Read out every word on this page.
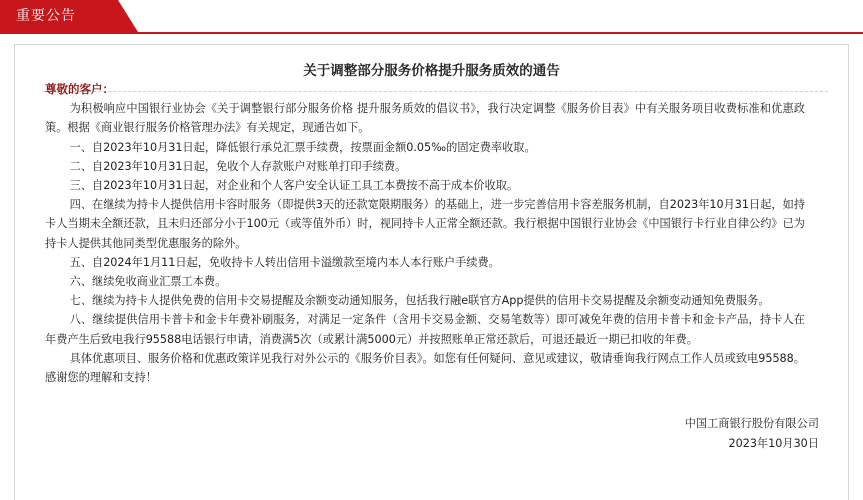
重要公告
关于调整部分服务价格提升服务质效的通告

尊敬的客户：

为积极响应中国银行业协会《关于调整银行部分服务价格 提升服务质效的倡议书》，我行决定调整《服务价目表》中有关服务项目收费标准和优惠政策。根据《商业银行服务价格管理办法》有关规定，现通告如下。

一、自2023年10月31日起，降低银行承兑汇票手续费，按票面金额0.05‰的固定费率收取。

二、自2023年10月31日起，免收个人存款账户对账单打印手续费。

三、自2023年10月31日起，对企业和个人客户安全认证工具工本费按不高于成本价收取。

四、在继续为持卡人提供信用卡容时服务（即提供3天的还款宽限期服务）的基础上，进一步完善信用卡容差服务机制，自2023年10月31日起，如持卡人当期未全额还款，且未归还部分小于100元（或等值外币）时，视同持卡人正常全额还款。我行根据中国银行业协会《中国银行卡行业自律公约》已为持卡人提供其他同类型优惠服务的除外。

五、自2024年1月11日起，免收持卡人转出信用卡溢缴款至境内本人本行账户手续费。

六、继续免收商业汇票工本费。

七、继续为持卡人提供免费的信用卡交易提醒及余额变动通知服务，包括我行融e联官方App提供的信用卡交易提醒及余额变动通知免费服务。

八、继续提供信用卡普卡和金卡年费补刷服务，对满足一定条件（含用卡交易金额、交易笔数等）即可减免年费的信用卡普卡和金卡产品，持卡人在年费产生后致电我行95588电话银行申请，消费满5次（或累计满5000元）并按照账单正常还款后，可退还最近一期已扣收的年费。

具体优惠项目、服务价格和优惠政策详见我行对外公示的《服务价目表》。如您有任何疑问、意见或建议，敬请垂询我行网点工作人员或致电95588。感谢您的理解和支持！

中国工商银行股份有限公司
2023年10月30日
